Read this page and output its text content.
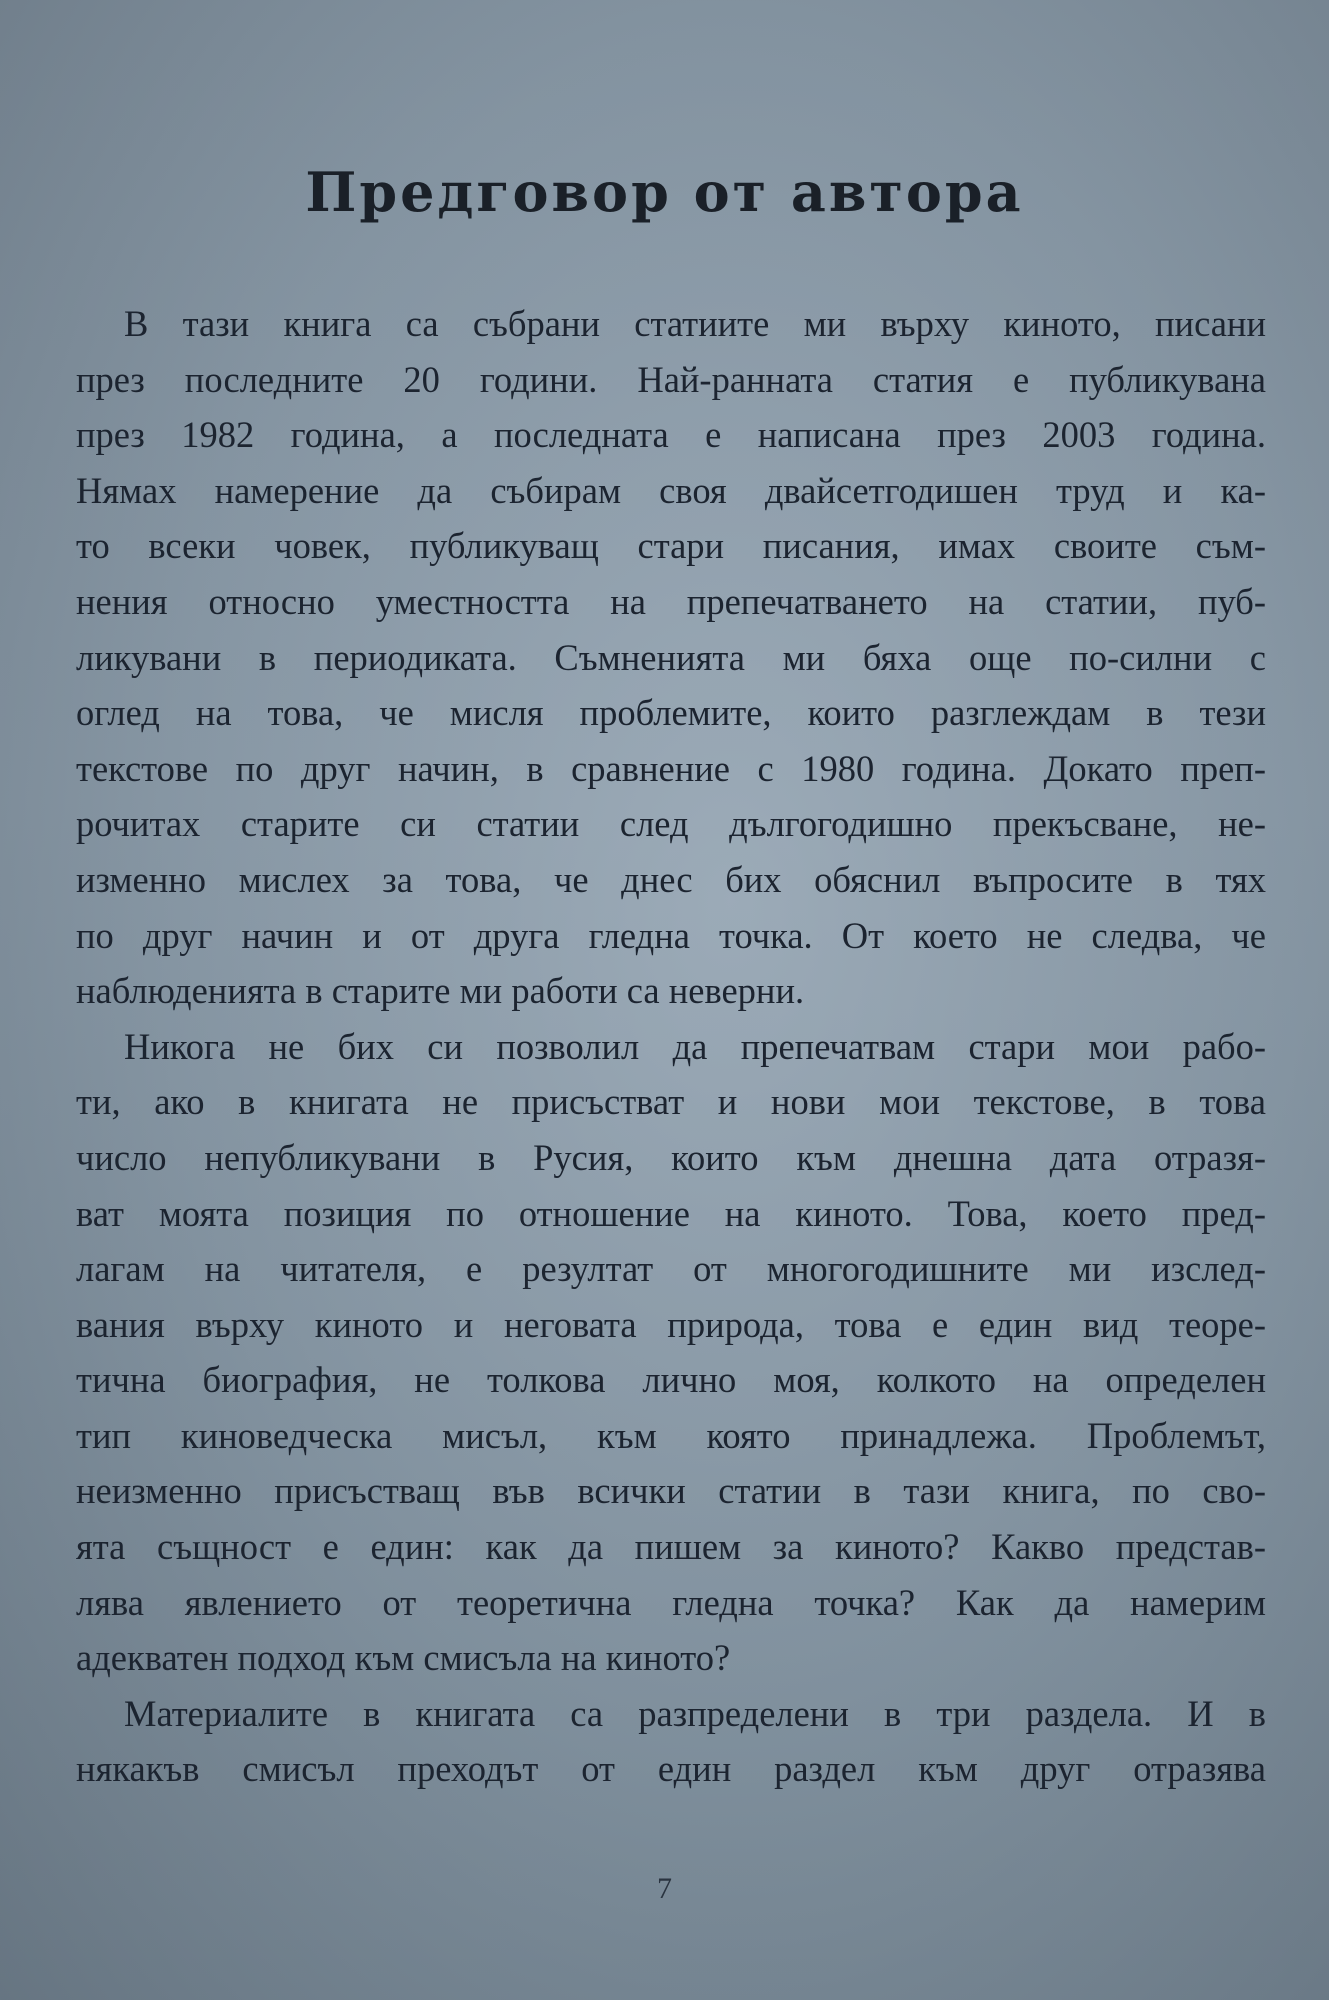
Предговор от автора
В тази книга са събрани статиите ми върху киното, писани
през последните 20 години. Най-ранната статия е публикувана
през 1982 година, а последната е написана през 2003 година.
Нямах намерение да събирам своя двайсетгодишен труд и ка-
то всеки човек, публикуващ стари писания, имах своите съм-
нения относно уместността на препечатването на статии, пуб-
ликувани в периодиката. Съмненията ми бяха още по-силни с
оглед на това, че мисля проблемите, които разглеждам в тези
текстове по друг начин, в сравнение с 1980 година. Докато преп-
рочитах старите си статии след дългогодишно прекъсване, не-
изменно мислех за това, че днес бих обяснил въпросите в тях
по друг начин и от друга гледна точка. От което не следва, че
наблюденията в старите ми работи са неверни.
Никога не бих си позволил да препечатвам стари мои рабо-
ти, ако в книгата не присъстват и нови мои текстове, в това
число непубликувани в Русия, които към днешна дата отразя-
ват моята позиция по отношение на киното. Това, което пред-
лагам на читателя, е резултат от многогодишните ми изслед-
вания върху киното и неговата природа, това е един вид теоре-
тична биография, не толкова лично моя, колкото на определен
тип киноведческа мисъл, към която принадлежа. Проблемът,
неизменно присъстващ във всички статии в тази книга, по сво-
ята същност е един: как да пишем за киното? Какво представ-
лява явлението от теоретична гледна точка? Как да намерим
адекватен подход към смисъла на киното?
Материалите в книгата са разпределени в три раздела. И в
някакъв смисъл преходът от един раздел към друг отразява
7
